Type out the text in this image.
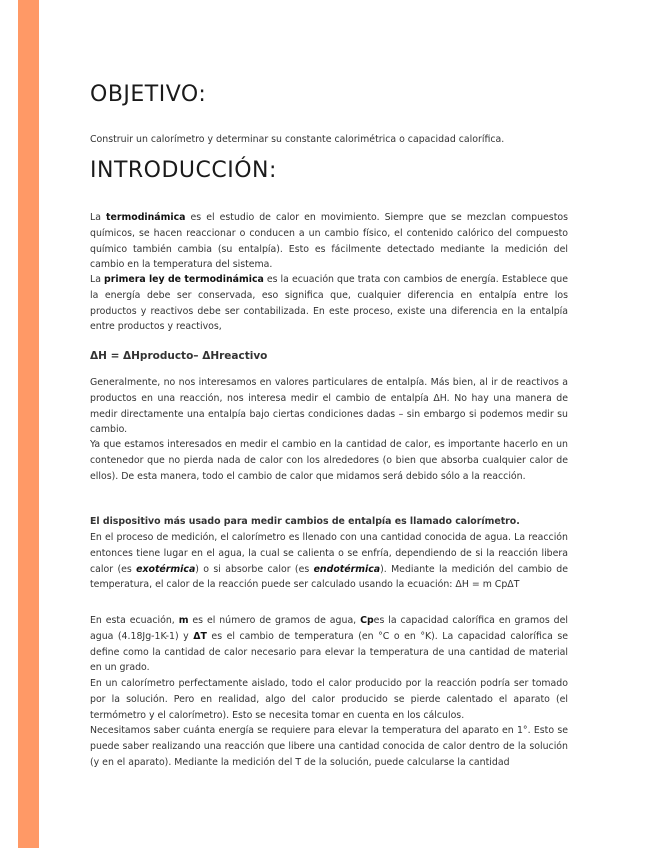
OBJETIVO:

Construir un calorímetro y determinar su constante calorimétrica o capacidad calorífica.

INTRODUCCIÓN:

La termodinámica es el estudio de calor en movimiento. Siempre que se mezclan compuestos químicos, se hacen reaccionar o conducen a un cambio físico, el contenido calórico del compuesto químico también cambia (su entalpía). Esto es fácilmente detectado mediante la medición del cambio en la temperatura del sistema.

La primera ley de termodinámica es la ecuación que trata con cambios de energía. Establece que la energía debe ser conservada, eso significa que, cualquier diferencia en entalpía entre los productos y reactivos debe ser contabilizada. En este proceso, existe una diferencia en la entalpía entre productos y reactivos,

ΔH = ΔHproducto– ΔHreactivo

Generalmente, no nos interesamos en valores particulares de entalpía. Más bien, al ir de reactivos a productos en una reacción, nos interesa medir el cambio de entalpía ΔH. No hay una manera de medir directamente una entalpía bajo ciertas condiciones dadas – sin embargo si podemos medir su cambio.

Ya que estamos interesados en medir el cambio en la cantidad de calor, es importante hacerlo en un contenedor que no pierda nada de calor con los alrededores (o bien que absorba cualquier calor de ellos). De esta manera, todo el cambio de calor que midamos será debido sólo a la reacción.

El dispositivo más usado para medir cambios de entalpía es llamado calorímetro.

En el proceso de medición, el calorímetro es llenado con una cantidad conocida de agua. La reacción entonces tiene lugar en el agua, la cual se calienta o se enfría, dependiendo de si la reacción libera calor (es exotérmica) o si absorbe calor (es endotérmica). Mediante la medición del cambio de temperatura, el calor de la reacción puede ser calculado usando la ecuación: ΔH = m CpΔT

En esta ecuación, m es el número de gramos de agua, Cpes la capacidad calorífica en gramos del agua (4.18Jg-1K-1) y ΔT es el cambio de temperatura (en °C o en °K). La capacidad calorífica se define como la cantidad de calor necesario para elevar la temperatura de una cantidad de material en un grado.

En un calorímetro perfectamente aislado, todo el calor producido por la reacción podría ser tomado por la solución. Pero en realidad, algo del calor producido se pierde calentado el aparato (el termómetro y el calorímetro). Esto se necesita tomar en cuenta en los cálculos.

Necesitamos saber cuánta energía se requiere para elevar la temperatura del aparato en 1°. Esto se puede saber realizando una reacción que libere una cantidad conocida de calor dentro de la solución (y en el aparato). Mediante la medición del T de la solución, puede calcularse la cantidad
